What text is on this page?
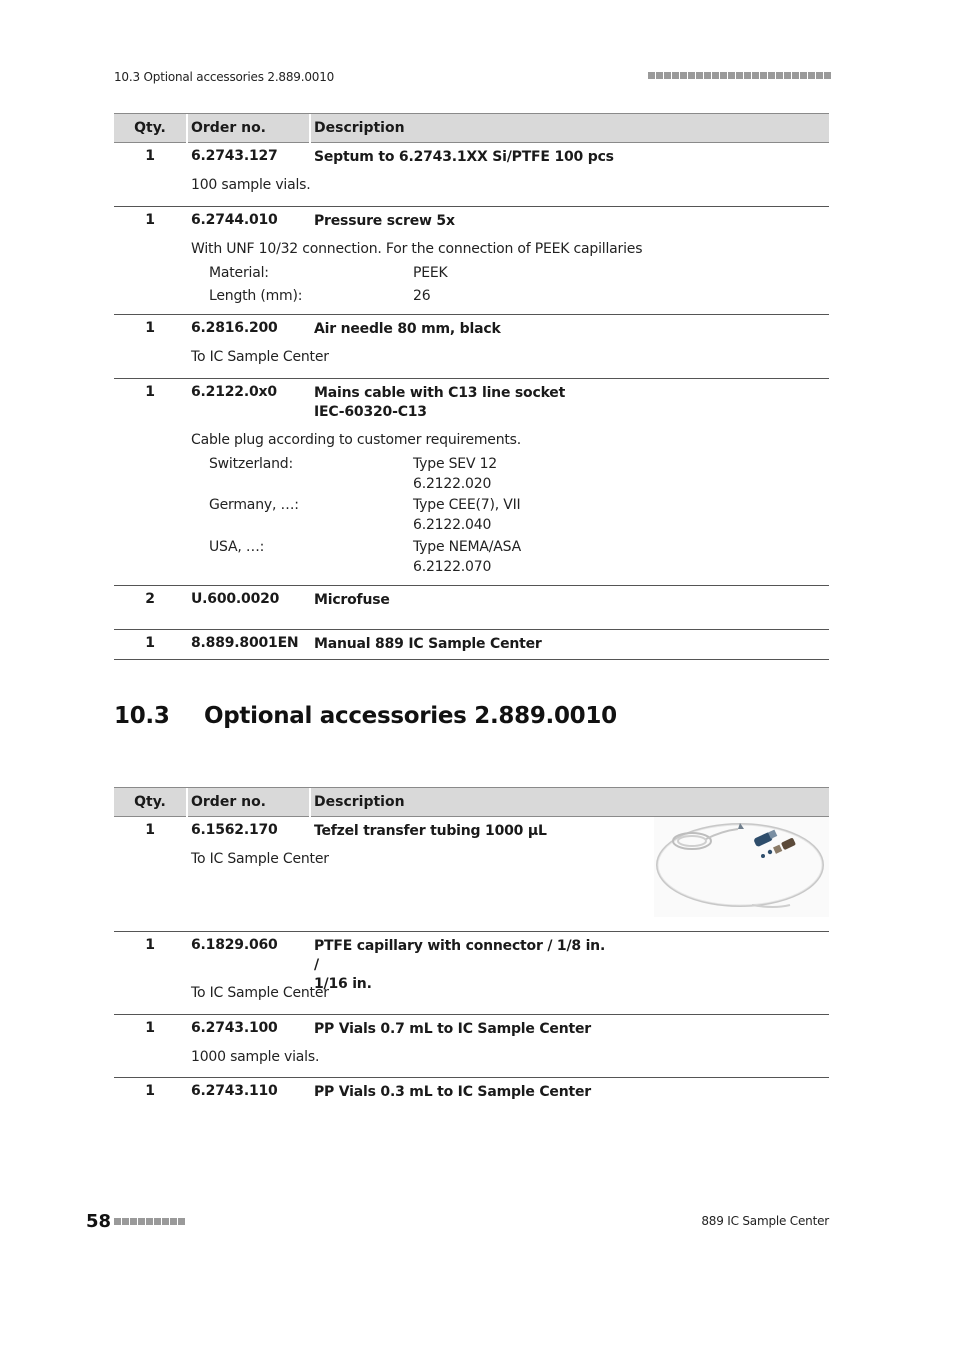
10.3 Optional accessories 2.889.0010
Qty.	Order no.	Description
1	6.2743.127	Septum to 6.2743.1XX Si/PTFE 100 pcs
100 sample vials.
1	6.2744.010	Pressure screw 5x
With UNF 10/32 connection. For the connection of PEEK capillaries
Material:	PEEK
Length (mm):	26
1	6.2816.200	Air needle 80 mm, black
To IC Sample Center
1	6.2122.0x0	Mains cable with C13 line socket
IEC-60320-C13
Cable plug according to customer requirements.
Switzerland:	Type SEV 12
6.2122.020
Germany, …:	Type CEE(7), VII
6.2122.040
USA, …:	Type NEMA/ASA
6.2122.070
2	U.600.0020	Microfuse
1	8.889.8001EN	Manual 889 IC Sample Center
10.3 Optional accessories 2.889.0010
Qty.	Order no.	Description
1	6.1562.170	Tefzel transfer tubing 1000 µL
To IC Sample Center
1	6.1829.060	PTFE capillary with connector / 1/8 in. /
1/16 in.
To IC Sample Center
1	6.2743.100	PP Vials 0.7 mL to IC Sample Center
1000 sample vials.
1	6.2743.110	PP Vials 0.3 mL to IC Sample Center
58	889 IC Sample Center
